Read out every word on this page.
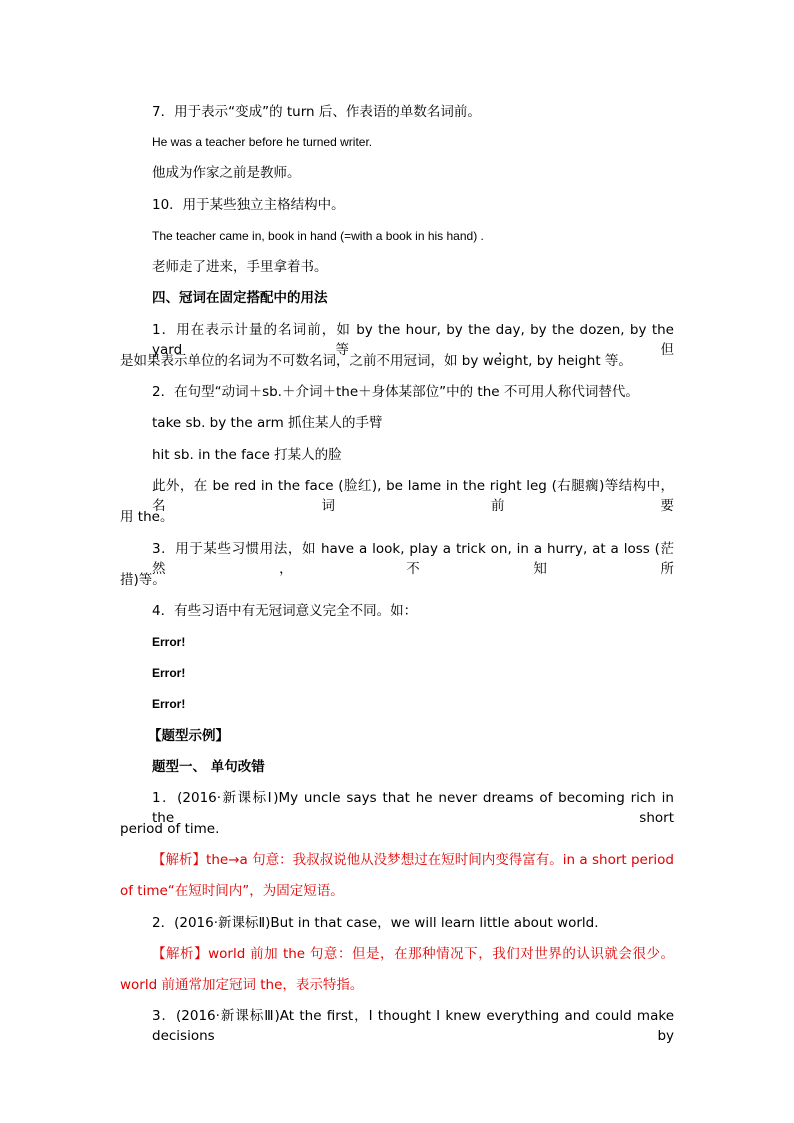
7．用于表示“变成”的 turn 后、作表语的单数名词前。
He was a teacher before he turned writer.
他成为作家之前是教师。
10．用于某些独立主格结构中。
The teacher came in, book in hand (=with a book in his hand) .
老师走了进来，手里拿着书。
四、冠词在固定搭配中的用法
1．用在表示计量的名词前，如 by the hour, by the day, by the dozen, by the yard 等，但
是如果表示单位的名词为不可数名词，之前不用冠词，如 by weight, by height 等。
2．在句型“动词＋sb.＋介词＋the＋身体某部位”中的 the 不可用人称代词替代。
take sb. by the arm 抓住某人的手臂
hit sb. in the face 打某人的脸
此外，在 be red in the face (脸红), be lame in the right leg (右腿瘸)等结构中，名词前要
用 the。
3．用于某些习惯用法，如 have a look, play a trick on, in a hurry, at a loss (茫然，不知所
措)等。
4．有些习语中有无冠词意义完全不同。如：
Error!
Error!
Error!
【题型示例】
题型一、 单句改错
1．(2016·新课标Ⅰ)My uncle says that he never dreams of becoming rich in the short
period of time.
【解析】the→a 句意：我叔叔说他从没梦想过在短时间内变得富有。in a short period
of time“在短时间内”，为固定短语。
2．(2016·新课标Ⅱ)But in that case，we will learn little about world.
【解析】world 前加 the 句意：但是，在那种情况下，我们对世界的认识就会很少。
world 前通常加定冠词 the，表示特指。
3．(2016·新课标Ⅲ)At the first，I thought I knew everything and could make decisions by
